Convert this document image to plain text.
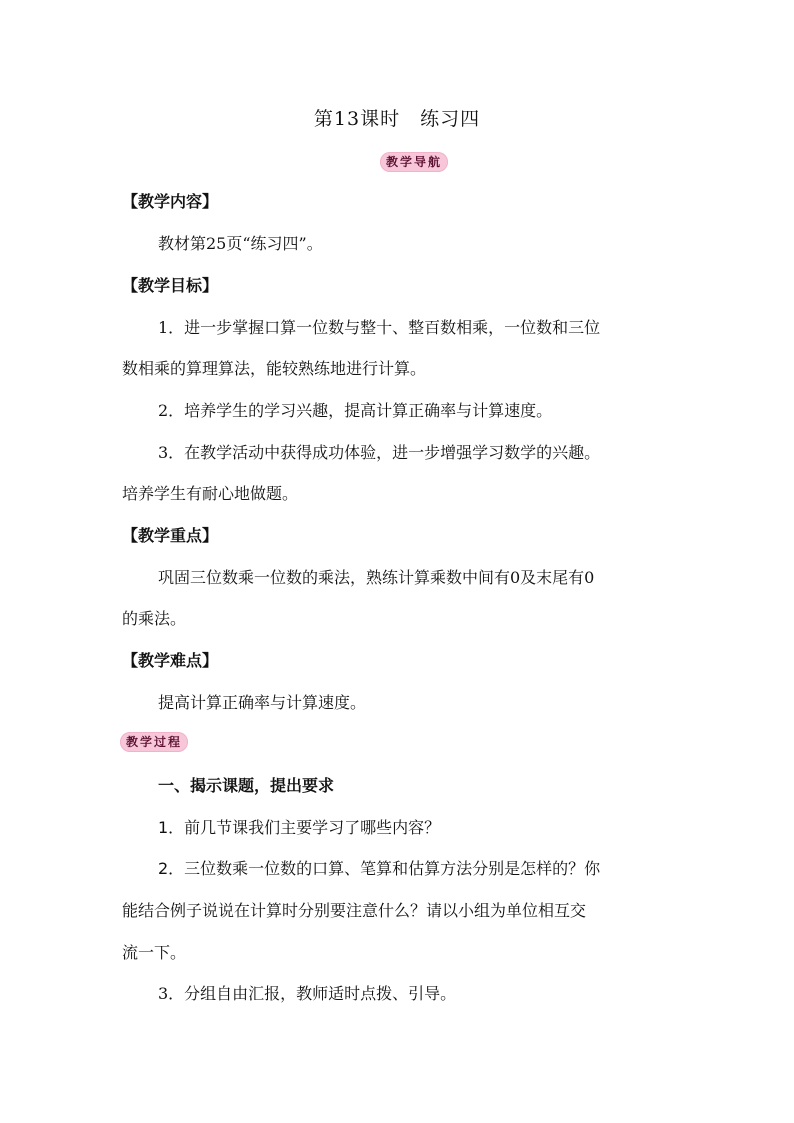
第13课时 练习四
教学导航
【教学内容】
教材第25页“练习四”。
【教学目标】
1．进一步掌握口算一位数与整十、整百数相乘，一位数和三位
数相乘的算理算法，能较熟练地进行计算。
2．培养学生的学习兴趣，提高计算正确率与计算速度。
3．在教学活动中获得成功体验，进一步增强学习数学的兴趣。
培养学生有耐心地做题。
【教学重点】
巩固三位数乘一位数的乘法，熟练计算乘数中间有0及末尾有0
的乘法。
【教学难点】
提高计算正确率与计算速度。
教学过程
一、揭示课题，提出要求
1．前几节课我们主要学习了哪些内容？
2．三位数乘一位数的口算、笔算和估算方法分别是怎样的？你
能结合例子说说在计算时分别要注意什么？请以小组为单位相互交
流一下。
3．分组自由汇报，教师适时点拨、引导。
